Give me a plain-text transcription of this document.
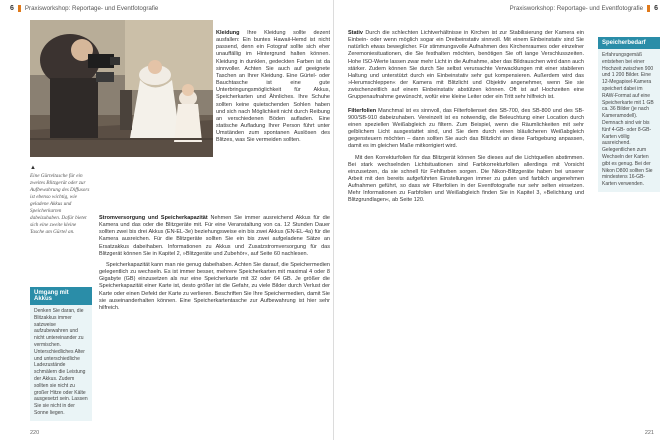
6 Praxisworkshop: Reportage- und Eventfotografie
▲
Eine Gürteltasche für ein zweites Blitzgerät oder zur Aufbewahrung des Diffusors ist ebenso wichtig, wie geladene Akkus und Speicherkarten dabeizuhaben. Dafür bietet sich eine zweite kleine Tasche am Gürtel an.
Umgang mit Akkus
Denken Sie daran, die Blitzakkus immer satzweise aufzubewahren und nicht untereinander zu vermischen. Unterschiedliches Alter und unterschiedliche Ladezustände schmälern die Leistung der Akkus. Zudem sollten sie nicht zu großer Hitze oder Kälte ausgesetzt sein. Lassen Sie sie nicht in der Sonne liegen.

Kleidung Ihre Kleidung sollte dezent ausfallen: Ein buntes Hawaii-Hemd ist nicht passend, denn ein Fotograf sollte sich eher unauffällig im Hintergrund halten können. Kleidung in dunklen, gedeckten Farben ist da sinnvoller. Achten Sie auch auf geeignete Taschen an Ihrer Kleidung. Eine Gürtel- oder Bauchtasche ist eine gute Unterbringungsmöglichkeit für Akkus, Speicherkarten und Ähnliches. Ihre Schuhe sollten keine quietschenden Sohlen haben und sich nach Möglichkeit nicht durch Reibung an verschiedenen Böden aufladen. Eine statische Aufladung Ihrer Person führt unter Umständen zum spontanen Auslösen des Blitzes, was Sie vermeiden sollten.

Stromversorgung und Speicherkapazität Nehmen Sie immer ausreichend Akkus für die Kamera und das oder die Blitzgeräte mit. Für eine Veranstaltung von ca. 12 Stunden Dauer sollten zwei bis drei Akkus (EN-EL-3e) beziehungsweise ein bis zwei Akkus (EN-EL-4a) für die Kamera ausreichen. Für die Blitzgeräte sollten Sie ein bis zwei aufgeladene Sätze an Ersatzakkus dabeihaben. Informationen zu Akkus und Zusatzstromversorgung für das Blitzgerät können Sie in Kapitel 2, »Blitzgeräte und Zubehör«, auf Seite 60 nachlesen.

Speicherkapazität kann man nie genug dabeihaben. Achten Sie darauf, die Speichermedien gelegentlich zu wechseln. Es ist immer besser, mehrere Speicherkarten mit maximal 4 oder 8 Gigabyte (GB) einzusetzen als nur eine Speicherkarte mit 32 oder 64 GB. Je größer die Speicherkapazität einer Karte ist, desto größer ist die Gefahr, zu viele Bilder durch Verlust der Karte oder einen Defekt der Karte zu verlieren. Beschriften Sie Ihre Speichermedien, damit Sie sie auseinanderhalten können. Eine Speicherkartentasche zur Aufbewahrung ist hier sehr hilfreich.

220
Praxisworkshop: Reportage- und Eventfotografie 6

Stativ Durch die schlechten Lichtverhältnisse in Kirchen ist zur Stabilisierung der Kamera ein Einbein- oder wenn möglich sogar ein Dreibeinstativ sinnvoll. Mit einem Einbeinstativ sind Sie natürlich etwas beweglicher. Für stimmungsvolle Aufnahmen des Kirchenraumes oder einzelner Zeremoniesituationen, die Sie festhalten möchten, benötigen Sie oft lange Verschlusszeiten. Hohe ISO-Werte lassen zwar mehr Licht in die Aufnahme, aber das Bildrauschen wird dann auch stärker. Zudem können Sie durch Sie selbst verursachte Verwacklungen mit einer stabileren Haltung und unterstützt durch ein Einbeinstativ sehr gut kompensieren. Außerdem wird das »Herumschleppen« der Kamera mit Blitzlicht und Objektiv angenehmer, wenn Sie sie zwischenzeitlich auf einem Einbeinstativ abstützen können. Oft ist auf Hochzeiten eine Gruppenaufnahme gewünscht, wofür eine kleine Leiter oder ein Tritt sehr hilfreich ist.

Filterfolien Manchmal ist es sinnvoll, das Filterfolienset des SB-700, des SB-800 und des SB-900/SB-910 dabeizuhaben. Vereinzelt ist es notwendig, die Beleuchtung einer Location durch einen speziellen Weißabgleich zu filtern. Zum Beispiel, wenn die Räumlichkeiten mit sehr gelblichem Licht ausgestattet sind, und Sie dem durch einen bläulicheren Weißabgleich gegensteuern möchten – dann sollten Sie auch das Blitzlicht an diese Farbgebung anpassen, damit es im gleichen Maße mitkorrigiert wird.

Mit den Korrekturfolien für das Blitzgerät können Sie dieses auf die Lichtquellen abstimmen. Bei stark wechselnden Lichtsituationen sind Farbkorrekturfolien allerdings mit Vorsicht einzusetzen, da sie schnell für Fehlfarben sorgen. Die Nikon-Blitzgeräte haben bei unserer Arbeit mit den bereits aufgeführten Einstellungen immer zu guten und farblich angenehmen Aufnahmen geführt, so dass wir Filterfolien in der Eventfotografie nur sehr selten einsetzen. Mehr Informationen zu Farbfolien und Weißabgleich finden Sie in Kapitel 3, »Belichtung und Blitzgrundlagen«, ab Seite 120.

Speicherbedarf
Erfahrungsgemäß entstehen bei einer Hochzeit zwischen 900 und 1 200 Bilder. Eine 12-Megapixel-Kamera speichert dabei im RAW-Format auf eine Speicherkarte mit 1 GB ca. 36 Bilder (je nach Kameramodell). Demnach sind wir bis fünf 4-GB- oder 8-GB-Karten völlig ausreichend. Gelegentlichen zum Wechseln der Karten gibt es genug. Bei der Nikon D800 sollten Sie mindestens 16-GB-Karten verwenden.
221
